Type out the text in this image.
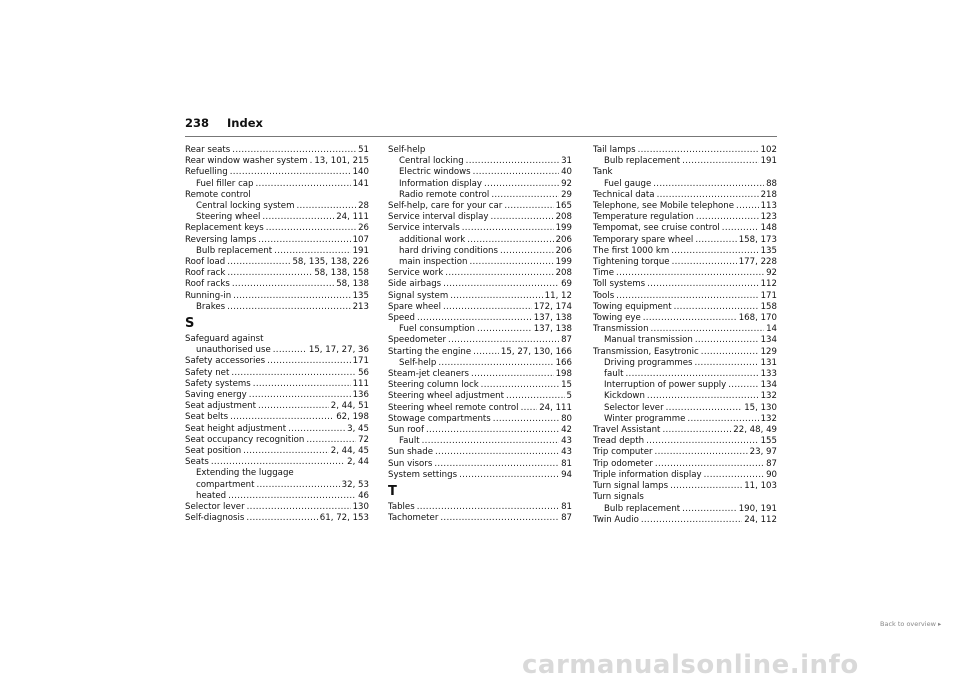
238 Index
Rear seats .....	51
Rear window washer system ..... 13, 101, 215
Refuelling .....	140
Fuel filler cap .....	141
Remote control
Central locking system .....	28
Steering wheel .....	24, 111
Replacement keys .....	26
Reversing lamps .....	107
Bulb replacement .....	191
Roof load .....	58, 135, 138, 226
Roof rack .....	58, 138, 158
Roof racks .....	58, 138
Running-in .....	135
Brakes .....	213
S
Safeguard against
unauthorised use .....	15, 17, 27, 36
Safety accessories .....	171
Safety net .....	56
Safety systems .....	111
Saving energy .....	136
Seat adjustment .....	2, 44, 51
Seat belts .....	62, 198
Seat height adjustment .....	3, 45
Seat occupancy recognition .....	72
Seat position .....	2, 44, 45
Seats .....	2, 44
Extending the luggage
compartment .....	32, 53
heated .....	46
Selector lever .....	130
Self-diagnosis .....	61, 72, 153
Self-help
Central locking .....	31
Electric windows .....	40
Information display .....	92
Radio remote control .....	29
Self-help, care for your car .....	165
Service interval display .....	208
Service intervals .....	199
additional work .....	206
hard driving conditions .....	206
main inspection .....	199
Service work .....	208
Side airbags .....	69
Signal system .....	11, 12
Spare wheel .....	172, 174
Speed .....	137, 138
Fuel consumption .....	137, 138
Speedometer .....	87
Starting the engine .....	15, 27, 130, 166
Self-help .....	166
Steam-jet cleaners .....	198
Steering column lock .....	15
Steering wheel adjustment .....	5
Steering wheel remote control ..... 24, 111
Stowage compartments .....	80
Sun roof .....	42
Fault .....	43
Sun shade .....	43
Sun visors .....	81
System settings .....	94
T
Tables .....	81
Tachometer .....	87
Tail lamps .....	102
Bulb replacement .....	191
Tank
Fuel gauge .....	88
Technical data .....	218
Telephone, see Mobile telephone .....	113
Temperature regulation .....	123
Tempomat, see cruise control .....	148
Temporary spare wheel .....	158, 173
The first 1000 km .....	135
Tightening torque .....	177, 228
Time .....	92
Toll systems .....	112
Tools .....	171
Towing equipment .....	158
Towing eye .....	168, 170
Transmission .....	14
Manual transmission .....	134
Transmission, Easytronic .....	129
Driving programmes .....	131
fault .....	133
Interruption of power supply .....	134
Kickdown .....	132
Selector lever .....	15, 130
Winter programme .....	132
Travel Assistant .....	22, 48, 49
Tread depth .....	155
Trip computer .....	23, 97
Trip odometer .....	87
Triple information display .....	90
Turn signal lamps .....	11, 103
Turn signals
Bulb replacement .....	190, 191
Twin Audio .....	24, 112
Back to overview ▸
carmanualsonline.info
